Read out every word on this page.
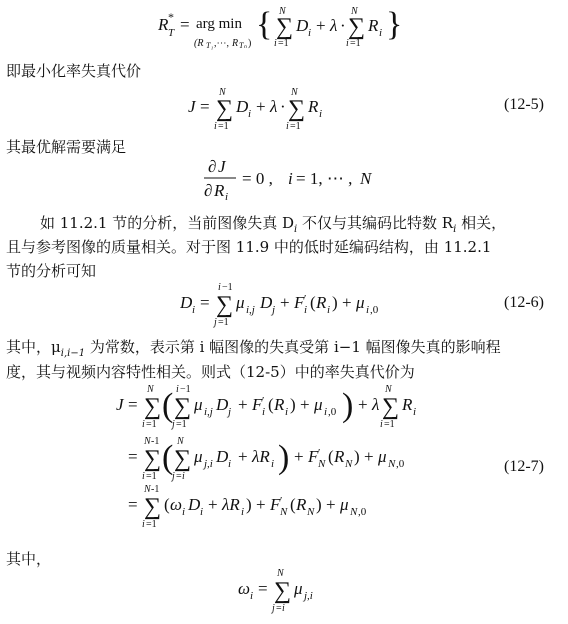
R T
* = arg min
(R T₁ ,⋯, R Tₙ )
{ ∑
N
i =1
D i + λ · ∑
N
i =1
R i }
即最小化率失真代价
J = ∑
N
i =1
D i + λ · ∑
N
i =1
R i
(12-5)
其最优解需要满足
∂ J
∂ R i
= 0 , i = 1, ⋯ , N
如 11.2.1 节的分析，当前图像失真 $D_i$ 不仅与其编码比特数 $R_i$ 相关，
且与参考图像的质量相关。对于图 11.9 中的低时延编码结构，由 11.2.1
节的分析可知
D i = ∑
i −1
j =1
μ i,j D j + F ′
i ( R i ) + μ i ,0	(12-6)
其中，$\mu_{i,i-1}$ 为常数，表示第 i 幅图像的失真受第 i−1 幅图像失真的影响程
度，其与视频内容特性相关。则式（12-5）中的率失真代价为
J = ∑
N
i =1
( ∑
i −1
j =1
μ i,j D j + F ′
i ( R i ) + μ i ,0 ) + λ ∑
N
i =1
R i
= ∑
N -1
i =1
( ∑
N
j = i
μ j,i D i + λR i ) + F ′
N ( R N ) + μ N ,0
= ∑
N -1
i =1
( ω i D i + λR i ) + F ′
N ( R N ) + μ N ,0
(12-7)
其中，
ω i = ∑
N
j = i
μ j,i
